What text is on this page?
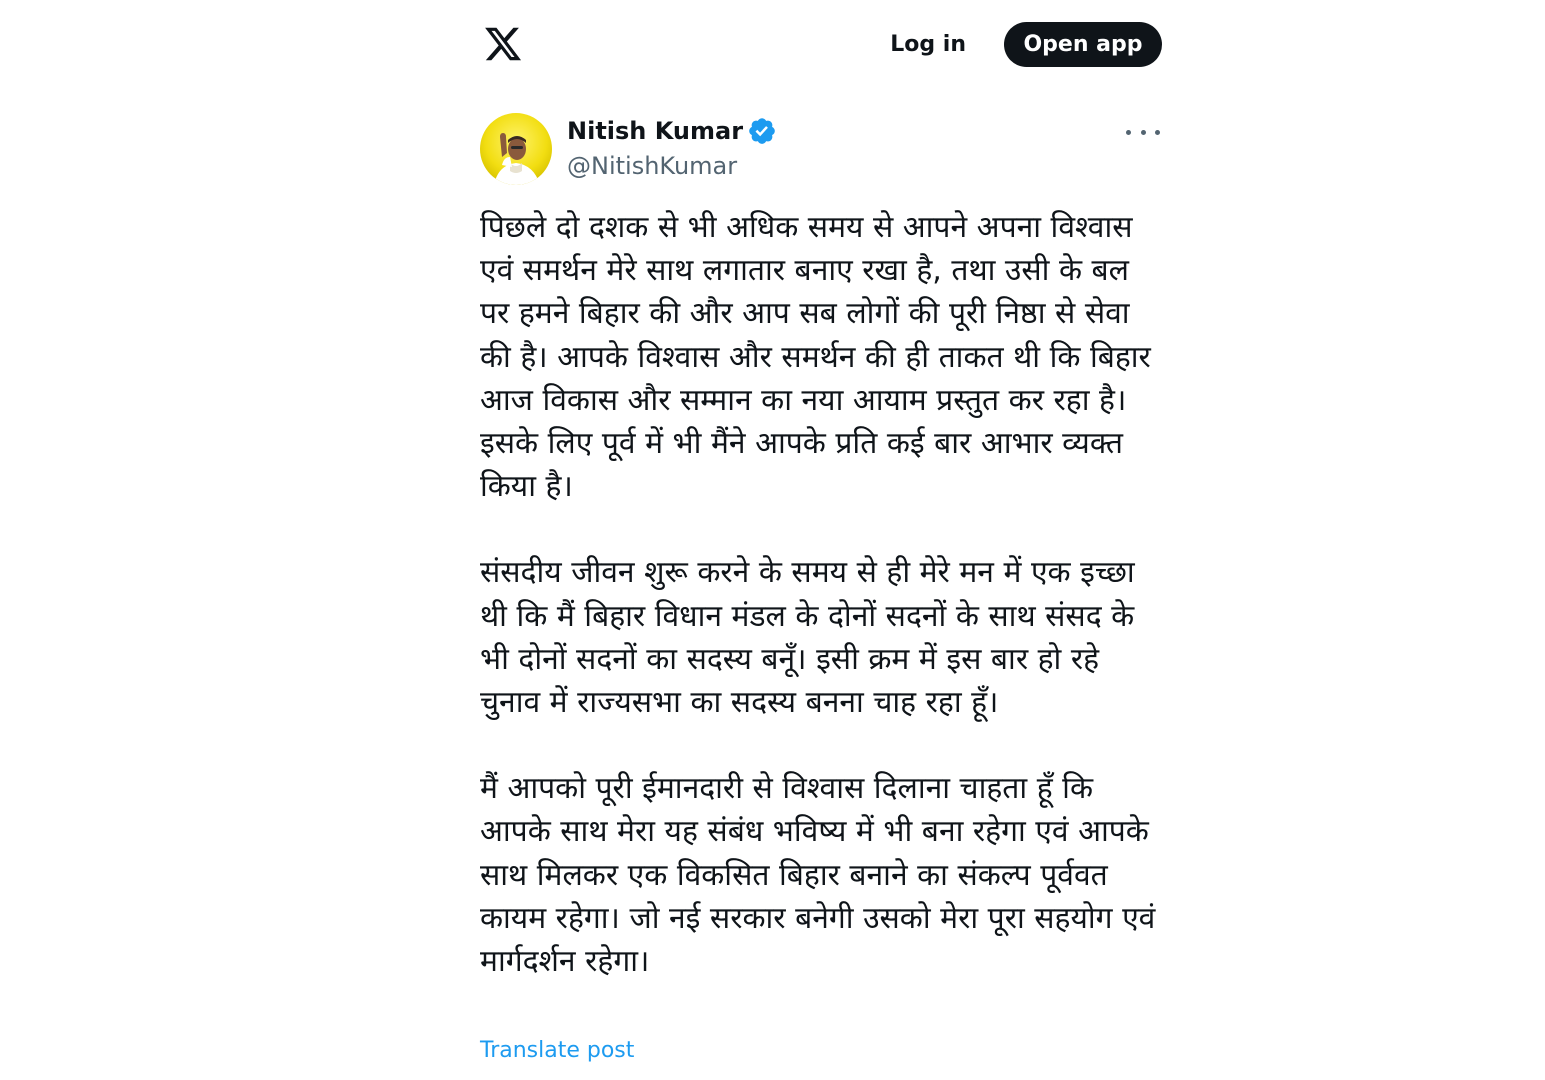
Log in	Open app
Nitish Kumar
@NitishKumar

पिछले दो दशक से भी अधिक समय से आपने अपना विश्वास एवं समर्थन मेरे साथ लगातार बनाए रखा है, तथा उसी के बल पर हमने बिहार की और आप सब लोगों की पूरी निष्ठा से सेवा की है। आपके विश्वास और समर्थन की ही ताकत थी कि बिहार आज विकास और सम्मान का नया आयाम प्रस्तुत कर रहा है। इसके लिए पूर्व में भी मैंने आपके प्रति कई बार आभार व्यक्त किया है।

संसदीय जीवन शुरू करने के समय से ही मेरे मन में एक इच्छा थी कि मैं बिहार विधान मंडल के दोनों सदनों के साथ संसद के भी दोनों सदनों का सदस्य बनूँ। इसी क्रम में इस बार हो रहे चुनाव में राज्यसभा का सदस्य बनना चाह रहा हूँ।

मैं आपको पूरी ईमानदारी से विश्वास दिलाना चाहता हूँ कि आपके साथ मेरा यह संबंध भविष्य में भी बना रहेगा एवं आपके साथ मिलकर एक विकसित बिहार बनाने का संकल्प पूर्ववत कायम रहेगा। जो नई सरकार बनेगी उसको मेरा पूरा सहयोग एवं मार्गदर्शन रहेगा।

Translate post
